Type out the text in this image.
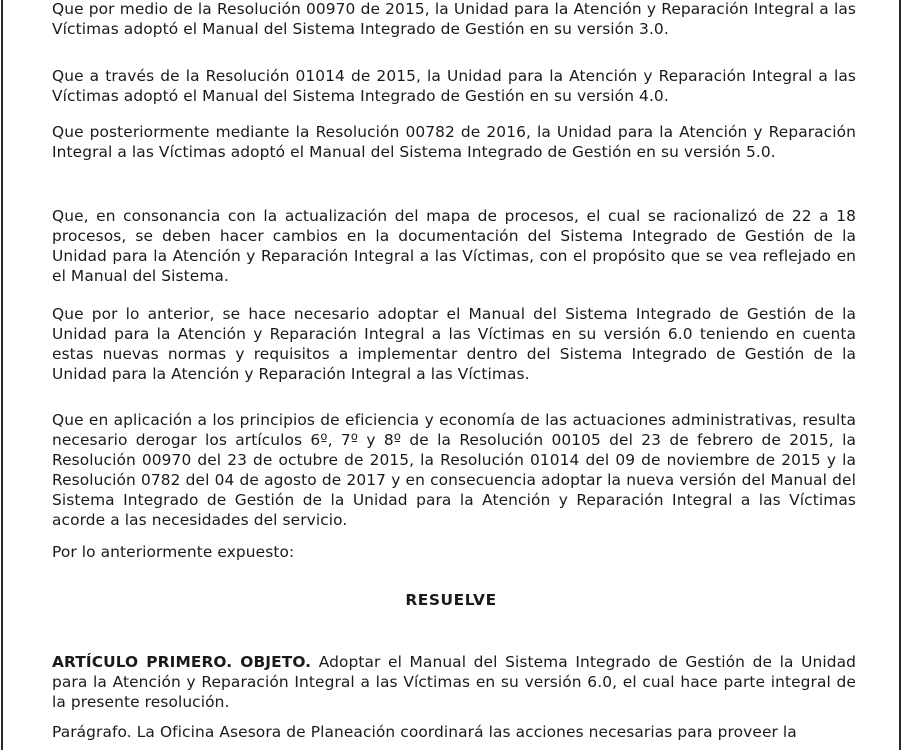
Que por medio de la Resolución 00970 de 2015, la Unidad para la Atención y Reparación Integral a las Víctimas adoptó el Manual del Sistema Integrado de Gestión en su versión 3.0.

Que a través de la Resolución 01014 de 2015, la Unidad para la Atención y Reparación Integral a las Víctimas adoptó el Manual del Sistema Integrado de Gestión en su versión 4.0.

Que posteriormente mediante la Resolución 00782 de 2016, la Unidad para la Atención y Reparación Integral a las Víctimas adoptó el Manual del Sistema Integrado de Gestión en su versión 5.0.

Que, en consonancia con la actualización del mapa de procesos, el cual se racionalizó de 22 a 18 procesos, se deben hacer cambios en la documentación del Sistema Integrado de Gestión de la Unidad para la Atención y Reparación Integral a las Víctimas, con el propósito que se vea reflejado en el Manual del Sistema.

Que por lo anterior, se hace necesario adoptar el Manual del Sistema Integrado de Gestión de la Unidad para la Atención y Reparación Integral a las Víctimas en su versión 6.0 teniendo en cuenta estas nuevas normas y requisitos a implementar dentro del Sistema Integrado de Gestión de la Unidad para la Atención y Reparación Integral a las Víctimas.

Que en aplicación a los principios de eficiencia y economía de las actuaciones administrativas, resulta necesario derogar los artículos 6º, 7º y 8º de la Resolución 00105 del 23 de febrero de 2015, la Resolución 00970 del 23 de octubre de 2015, la Resolución 01014 del 09 de noviembre de 2015 y la Resolución 0782 del 04 de agosto de 2017 y en consecuencia adoptar la nueva versión del Manual del Sistema Integrado de Gestión de la Unidad para la Atención y Reparación Integral a las Víctimas acorde a las necesidades del servicio.

Por lo anteriormente expuesto:

RESUELVE

ARTÍCULO PRIMERO. OBJETO. Adoptar el Manual del Sistema Integrado de Gestión de la Unidad para la Atención y Reparación Integral a las Víctimas en su versión 6.0, el cual hace parte integral de la presente resolución.

Parágrafo. La Oficina Asesora de Planeación coordinará las acciones necesarias para proveer la
